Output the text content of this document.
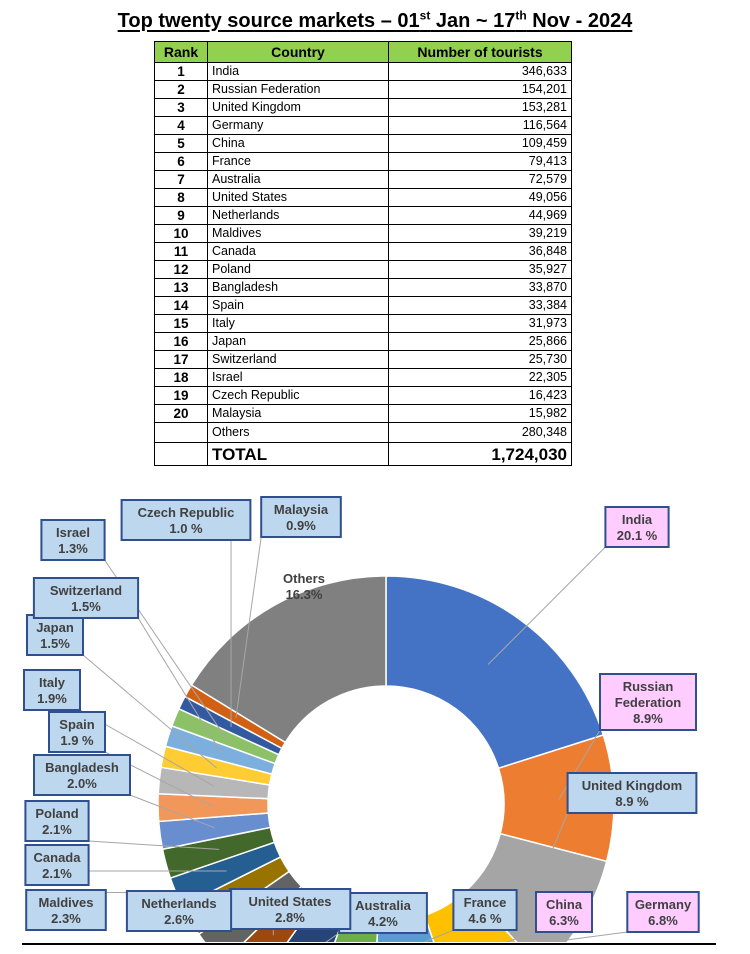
Top twenty source markets – 01st Jan ~ 17th Nov - 2024
Rank	Country	Number of tourists
1	India	346,633
2	Russian Federation	154,201
3	United Kingdom	153,281
4	Germany	116,564
5	China	109,459
6	France	79,413
7	Australia	72,579
8	United States	49,056
9	Netherlands	44,969
10	Maldives	39,219
11	Canada	36,848
12	Poland	35,927
13	Bangladesh	33,870
14	Spain	33,384
15	Italy	31,973
16	Japan	25,866
17	Switzerland	25,730
18	Israel	22,305
19	Czech Republic	16,423
20	Malaysia	15,982
	Others	280,348
	TOTAL	1,724,030
India
20.1 %
Russian
Federation
8.9%
United Kingdom
8.9 %
Germany
6.8%
China
6.3%
France
4.6 %
Australia
4.2%
United States
2.8%
Netherlands
2.6%
Maldives
2.3%
Canada
2.1%
Poland
2.1%
Bangladesh
2.0%
Spain
1.9 %
Italy
1.9%
Japan
1.5%
Switzerland
1.5%
Israel
1.3%
Czech Republic
1.0 %
Malaysia
0.9%
Others
16.3%
